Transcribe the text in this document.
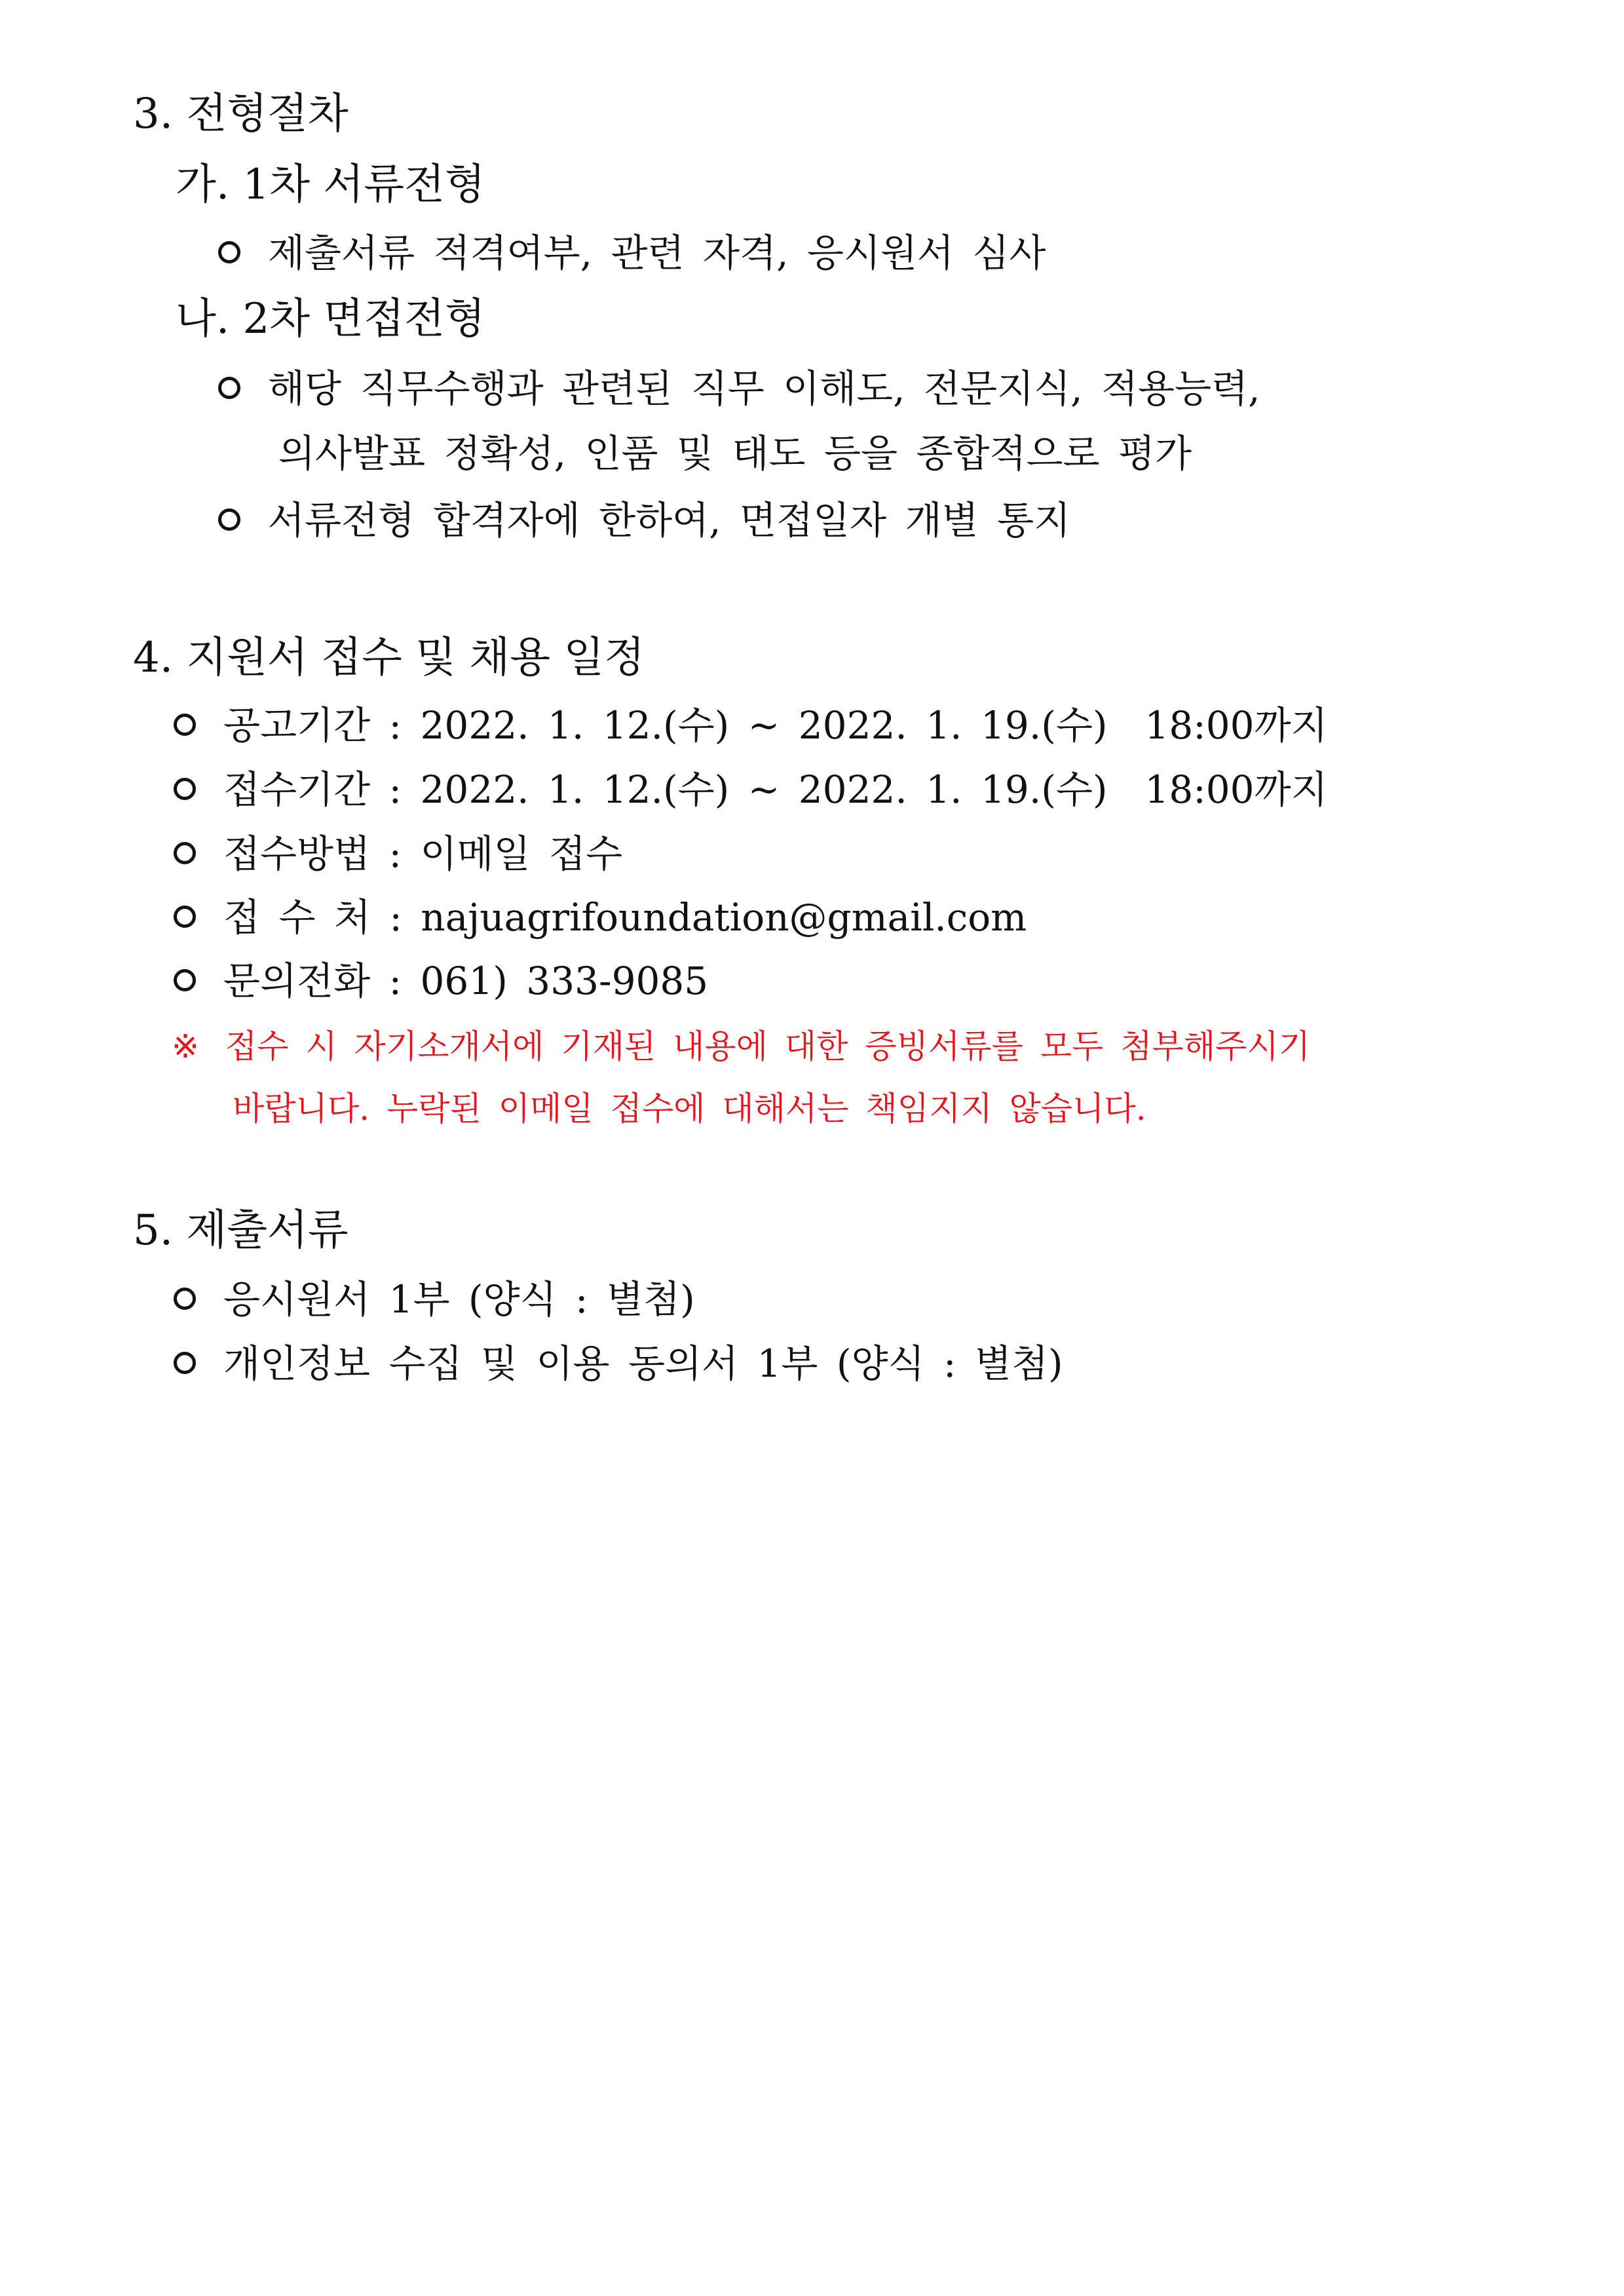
3. 전형절차
가. 1차 서류전형
제출서류 적격여부, 관련 자격, 응시원서 심사
나. 2차 면접전형
해당 직무수행과 관련된 직무 이해도, 전문지식, 적용능력,
의사발표 정확성, 인품 및 태도 등을 종합적으로 평가
서류전형 합격자에 한하여, 면접일자 개별 통지
4. 지원서 접수 및 채용 일정
공고기간 : 2022. 1. 12.(수) ~ 2022. 1. 19.(수)  18:00까지
접수기간 : 2022. 1. 12.(수) ~ 2022. 1. 19.(수)  18:00까지
접수방법 : 이메일 접수
접 수 처 : najuagrifoundation@gmail.com
문의전화 : 061) 333-9085
※ 접수 시 자기소개서에 기재된 내용에 대한 증빙서류를 모두 첨부해주시기
바랍니다. 누락된 이메일 접수에 대해서는 책임지지 않습니다.
5. 제출서류
응시원서 1부 (양식 : 별첨)
개인정보 수집 및 이용 동의서 1부 (양식 : 별첨)
